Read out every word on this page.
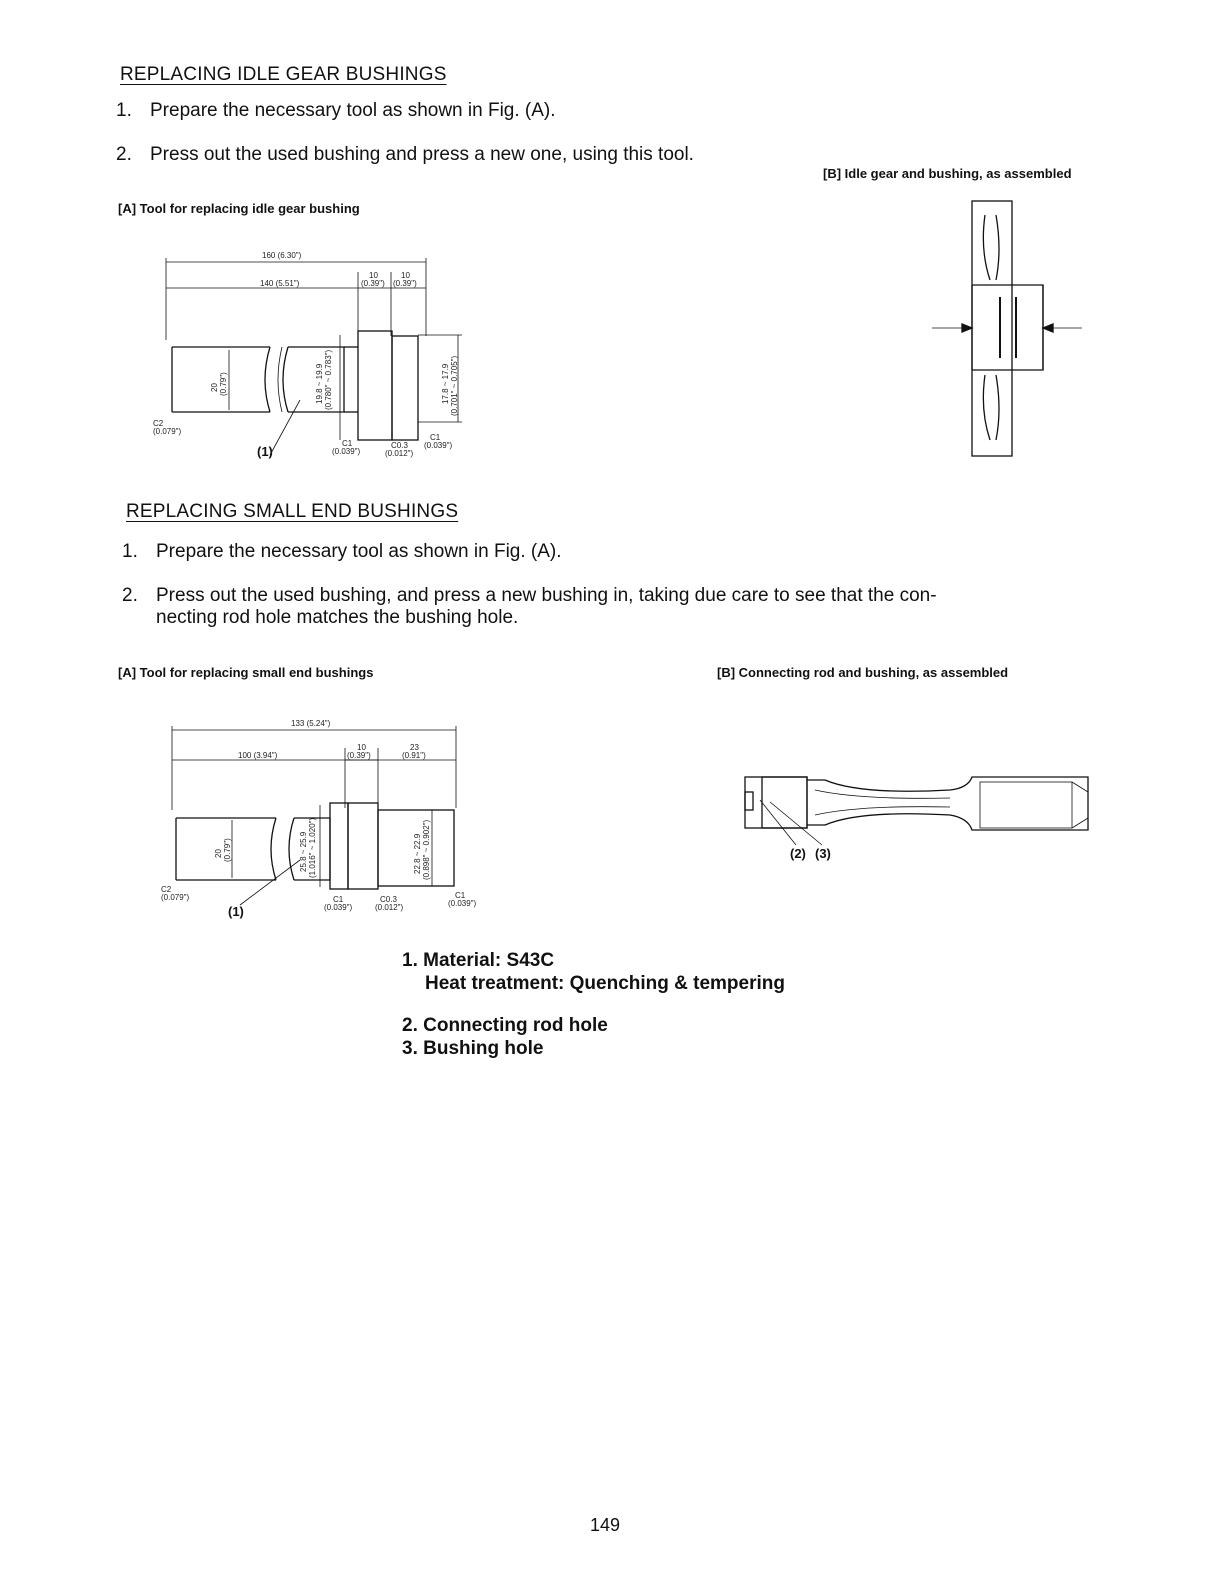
REPLACING IDLE GEAR BUSHINGS
1. Prepare the necessary tool as shown in Fig. (A).
2. Press out the used bushing and press a new one, using this tool.
[A] Tool for replacing idle gear bushing
[B] Idle gear and bushing, as assembled
160 (6.30")
140 (5.51")
10
(0.39")
10
(0.39")
20 (0.79")	19.8 ~ 19.9 (0.780" ~ 0.783")	17.8 ~ 17.9 (0.701" ~ 0.705")
C2
(0.079")
C1
(0.039")
C0.3
(0.012")
C1
(0.039")
(1)
REPLACING SMALL END BUSHINGS
1. Prepare the necessary tool as shown in Fig. (A).
2. Press out the used bushing, and press a new bushing in, taking due care to see that the con-
necting rod hole matches the bushing hole.
[A] Tool for replacing small end bushings	[B] Connecting rod and bushing, as assembled
133 (5.24")
100 (3.94")
10
(0.39")
23
(0.91")
20 (0.79")	25.8 ~ 25.9 (1.016" ~ 1.020")	22.8 ~ 22.9 (0.898" ~ 0.902")
C2
(0.079")	C1
(0.039")
C0.3
(0.012")
C1
(0.039")
(1)
(2) (3)
1. Material: S43C
Heat treatment: Quenching & tempering
2. Connecting rod hole
3. Bushing hole
149
